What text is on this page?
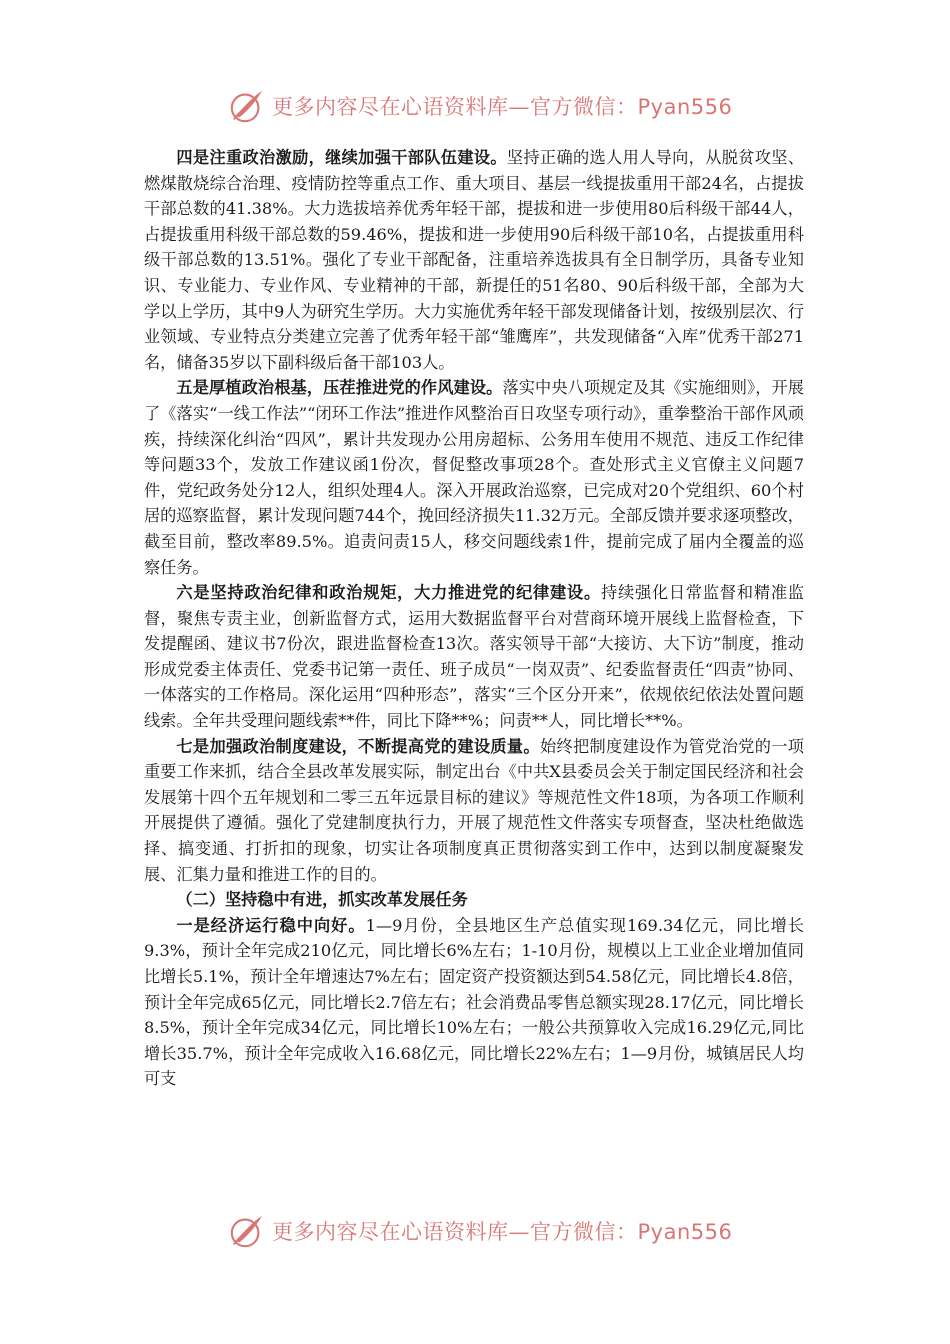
更多内容尽在心语资料库—官方微信：Pyan556

四是注重政治激励，继续加强干部队伍建设。坚持正确的选人用人导向，从脱贫攻坚、燃煤散烧综合治理、疫情防控等重点工作、重大项目、基层一线提拔重用干部24名，占提拔干部总数的41.38%。大力选拔培养优秀年轻干部，提拔和进一步使用80后科级干部44人，占提拔重用科级干部总数的59.46%，提拔和进一步使用90后科级干部10名，占提拔重用科级干部总数的13.51%。强化了专业干部配备，注重培养选拔具有全日制学历，具备专业知识、专业能力、专业作风、专业精神的干部，新提任的51名80、90后科级干部，全部为大学以上学历，其中9人为研究生学历。大力实施优秀年轻干部发现储备计划，按级别层次、行业领域、专业特点分类建立完善了优秀年轻干部“雏鹰库”，共发现储备“入库”优秀干部271名，储备35岁以下副科级后备干部103人。

五是厚植政治根基，压茬推进党的作风建设。落实中央八项规定及其《实施细则》，开展了《落实“一线工作法”“闭环工作法”推进作风整治百日攻坚专项行动》，重拳整治干部作风顽疾，持续深化纠治“四风”，累计共发现办公用房超标、公务用车使用不规范、违反工作纪律等问题33个，发放工作建议函1份次，督促整改事项28个。查处形式主义官僚主义问题7件，党纪政务处分12人，组织处理4人。深入开展政治巡察，已完成对20个党组织、60个村居的巡察监督，累计发现问题744个，挽回经济损失11.32万元。全部反馈并要求逐项整改，截至目前，整改率89.5%。追责问责15人，移交问题线索1件，提前完成了届内全覆盖的巡察任务。

六是坚持政治纪律和政治规矩，大力推进党的纪律建设。持续强化日常监督和精准监督，聚焦专责主业，创新监督方式，运用大数据监督平台对营商环境开展线上监督检查，下发提醒函、建议书7份次，跟进监督检查13次。落实领导干部“大接访、大下访”制度，推动形成党委主体责任、党委书记第一责任、班子成员“一岗双责”、纪委监督责任“四责”协同、一体落实的工作格局。深化运用“四种形态”，落实“三个区分开来”，依规依纪依法处置问题线索。全年共受理问题线索**件，同比下降**%；问责**人，同比增长**%。

七是加强政治制度建设，不断提高党的建设质量。始终把制度建设作为管党治党的一项重要工作来抓，结合全县改革发展实际，制定出台《中共X县委员会关于制定国民经济和社会发展第十四个五年规划和二零三五年远景目标的建议》等规范性文件18项，为各项工作顺利开展提供了遵循。强化了党建制度执行力，开展了规范性文件落实专项督查，坚决杜绝做选择、搞变通、打折扣的现象，切实让各项制度真正贯彻落实到工作中，达到以制度凝聚发展、汇集力量和推进工作的目的。

（二）坚持稳中有进，抓实改革发展任务

一是经济运行稳中向好。1—9月份，全县地区生产总值实现169.34亿元，同比增长9.3%，预计全年完成210亿元，同比增长6%左右；1-10月份，规模以上工业企业增加值同比增长5.1%，预计全年增速达7%左右；固定资产投资额达到54.58亿元，同比增长4.8倍，预计全年完成65亿元，同比增长2.7倍左右；社会消费品零售总额实现28.17亿元，同比增长8.5%，预计全年完成34亿元，同比增长10%左右；一般公共预算收入完成16.29亿元,同比增长35.7%，预计全年完成收入16.68亿元，同比增长22%左右；1—9月份，城镇居民人均可支

更多内容尽在心语资料库—官方微信：Pyan556
